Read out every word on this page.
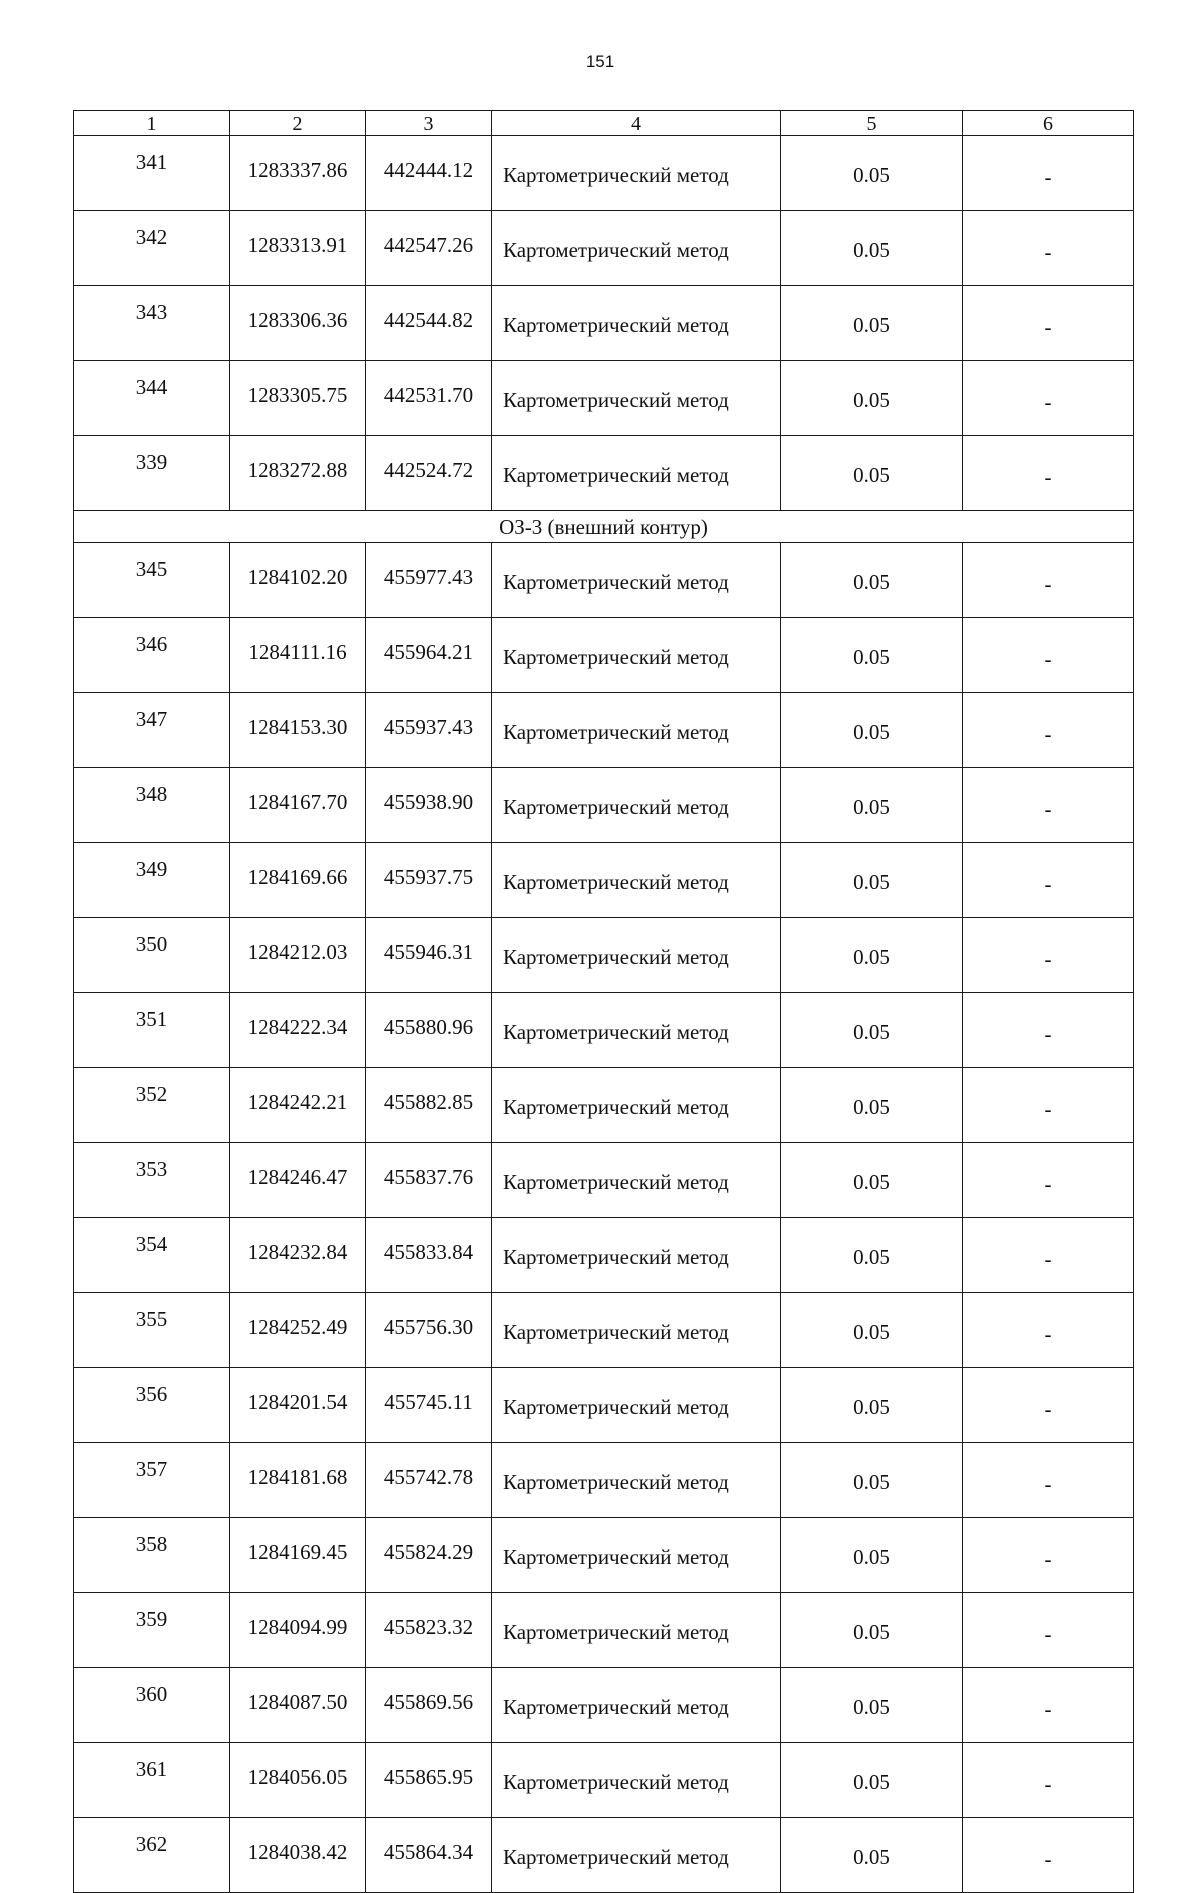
151
1	2	3	4	5	6
341	1283337.86	442444.12	Картометрический метод	0.05	-
342	1283313.91	442547.26	Картометрический метод	0.05	-
343	1283306.36	442544.82	Картометрический метод	0.05	-
344	1283305.75	442531.70	Картометрический метод	0.05	-
339	1283272.88	442524.72	Картометрический метод	0.05	-
ОЗ-3 (внешний контур)					
345	1284102.20	455977.43	Картометрический метод	0.05	-
346	1284111.16	455964.21	Картометрический метод	0.05	-
347	1284153.30	455937.43	Картометрический метод	0.05	-
348	1284167.70	455938.90	Картометрический метод	0.05	-
349	1284169.66	455937.75	Картометрический метод	0.05	-
350	1284212.03	455946.31	Картометрический метод	0.05	-
351	1284222.34	455880.96	Картометрический метод	0.05	-
352	1284242.21	455882.85	Картометрический метод	0.05	-
353	1284246.47	455837.76	Картометрический метод	0.05	-
354	1284232.84	455833.84	Картометрический метод	0.05	-
355	1284252.49	455756.30	Картометрический метод	0.05	-
356	1284201.54	455745.11	Картометрический метод	0.05	-
357	1284181.68	455742.78	Картометрический метод	0.05	-
358	1284169.45	455824.29	Картометрический метод	0.05	-
359	1284094.99	455823.32	Картометрический метод	0.05	-
360	1284087.50	455869.56	Картометрический метод	0.05	-
361	1284056.05	455865.95	Картометрический метод	0.05	-
362	1284038.42	455864.34	Картометрический метод	0.05	-
